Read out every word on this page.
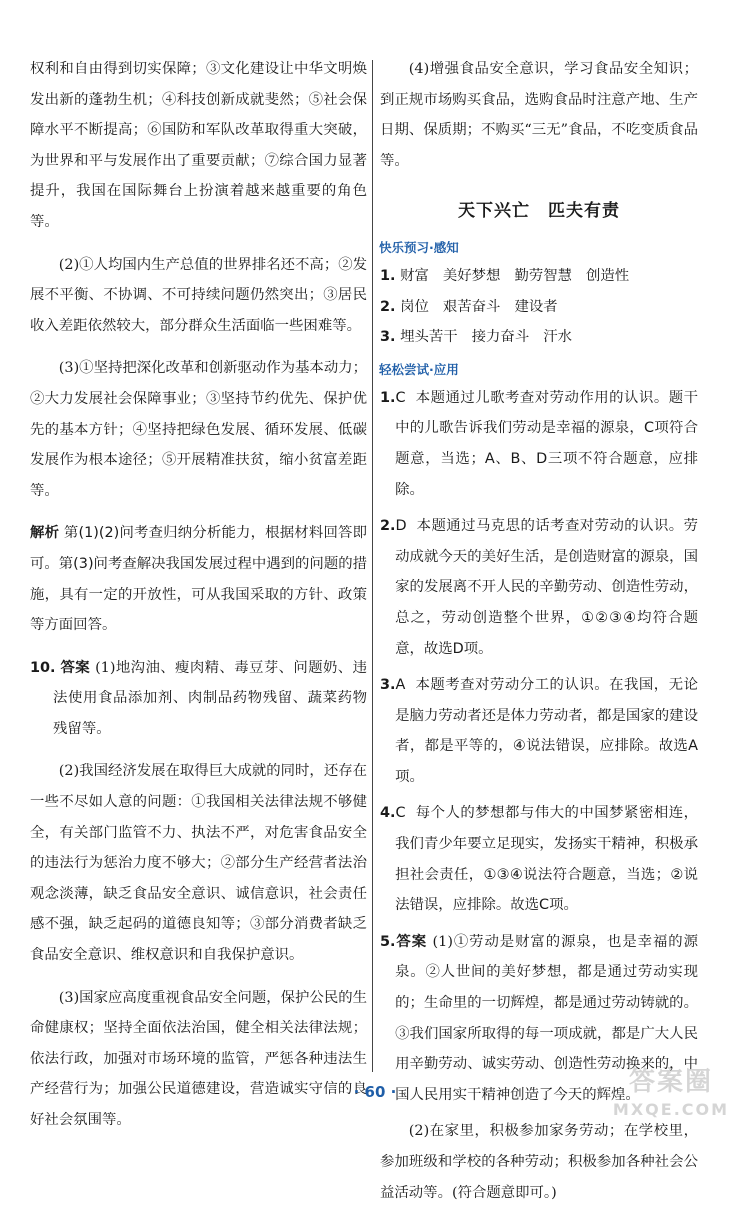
权利和自由得到切实保障；③文化建设让中华文明焕发出新的蓬勃生机；④科技创新成就斐然；⑤社会保障水平不断提高；⑥国防和军队改革取得重大突破，为世界和平与发展作出了重要贡献；⑦综合国力显著提升，我国在国际舞台上扮演着越来越重要的角色等。

(2)①人均国内生产总值的世界排名还不高；②发展不平衡、不协调、不可持续问题仍然突出；③居民收入差距依然较大，部分群众生活面临一些困难等。

(3)①坚持把深化改革和创新驱动作为基本动力；②大力发展社会保障事业；③坚持节约优先、保护优先的基本方针；④坚持把绿色发展、循环发展、低碳发展作为根本途径；⑤开展精准扶贫，缩小贫富差距等。

解析 第(1)(2)问考查归纳分析能力，根据材料回答即可。第(3)问考查解决我国发展过程中遇到的问题的措施，具有一定的开放性，可从我国采取的方针、政策等方面回答。

10. 答案 (1)地沟油、瘦肉精、毒豆芽、问题奶、违法使用食品添加剂、肉制品药物残留、蔬菜药物残留等。

(2)我国经济发展在取得巨大成就的同时，还存在一些不尽如人意的问题：①我国相关法律法规不够健全，有关部门监管不力、执法不严，对危害食品安全的违法行为惩治力度不够大；②部分生产经营者法治观念淡薄，缺乏食品安全意识、诚信意识，社会责任感不强，缺乏起码的道德良知等；③部分消费者缺乏食品安全意识、维权意识和自我保护意识。

(3)国家应高度重视食品安全问题，保护公民的生命健康权；坚持全面依法治国，健全相关法律法规；依法行政，加强对市场环境的监管，严惩各种违法生产经营行为；加强公民道德建设，营造诚实守信的良好社会氛围等。

(4)增强食品安全意识，学习食品安全知识；到正规市场购买食品，选购食品时注意产地、生产日期、保质期；不购买“三无”食品，不吃变质食品等。

天下兴亡　匹夫有责
快乐预习·感知

1. 财富 美好梦想 勤劳智慧 创造性

2. 岗位 艰苦奋斗 建设者

3. 埋头苦干 接力奋斗 汗水

轻松尝试·应用

1.C 本题通过儿歌考查对劳动作用的认识。题干中的儿歌告诉我们劳动是幸福的源泉，C项符合题意，当选；A、B、D三项不符合题意，应排除。

2.D 本题通过马克思的话考查对劳动的认识。劳动成就今天的美好生活，是创造财富的源泉，国家的发展离不开人民的辛勤劳动、创造性劳动，总之，劳动创造整个世界，①②③④均符合题意，故选D项。

3.A 本题考查对劳动分工的认识。在我国，无论是脑力劳动者还是体力劳动者，都是国家的建设者，都是平等的，④说法错误，应排除。故选A项。

4.C 每个人的梦想都与伟大的中国梦紧密相连，我们青少年要立足现实，发扬实干精神，积极承担社会责任，①③④说法符合题意，当选；②说法错误，应排除。故选C项。

5.答案 (1)①劳动是财富的源泉，也是幸福的源泉。②人世间的美好梦想，都是通过劳动实现的；生命里的一切辉煌，都是通过劳动铸就的。③我们国家所取得的每一项成就，都是广大人民用辛勤劳动、诚实劳动、创造性劳动换来的，中国人民用实干精神创造了今天的辉煌。

(2)在家里，积极参加家务劳动；在学校里，参加班级和学校的各种劳动；积极参加各种社会公益活动等。(符合题意即可。)

· 60 ·	答案圈
MXQE.COM
